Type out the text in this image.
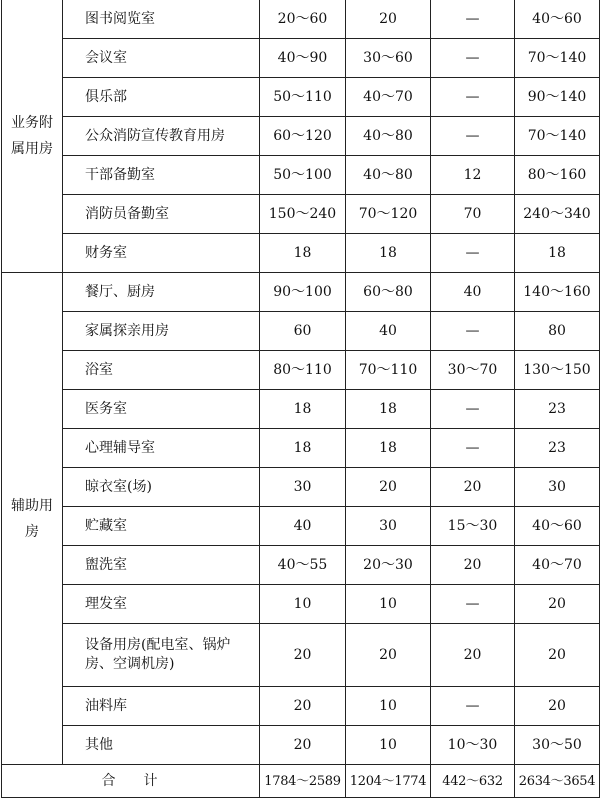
业务附属用房	图书阅览室	20～60	20	—	40～60
	会议室	40～90	30～60	—	70～140
	俱乐部	50～110	40～70	—	90～140
	公众消防宣传教育用房	60～120	40～80	—	70～140
	干部备勤室	50～100	40～80	12	80～160
	消防员备勤室	150～240	70～120	70	240～340
	财务室	18	18	—	18
辅助用房	餐厅、厨房	90～100	60～80	40	140～160
	家属探亲用房	60	40	—	80
	浴室	80～110	70～110	30～70	130～150
	医务室	18	18	—	23
	心理辅导室	18	18	—	23
	晾衣室(场)	30	20	20	30
	贮藏室	40	30	15～30	40～60
	盥洗室	40～55	20～30	20	40～70
	理发室	10	10	—	20
	设备用房(配电室、锅炉房、空调机房)	20	20	20	20
	油料库	20	10	—	20
	其他	20	10	10～30	30～50
合计		1784～2589	1204～1774	442～632	2634～3654
